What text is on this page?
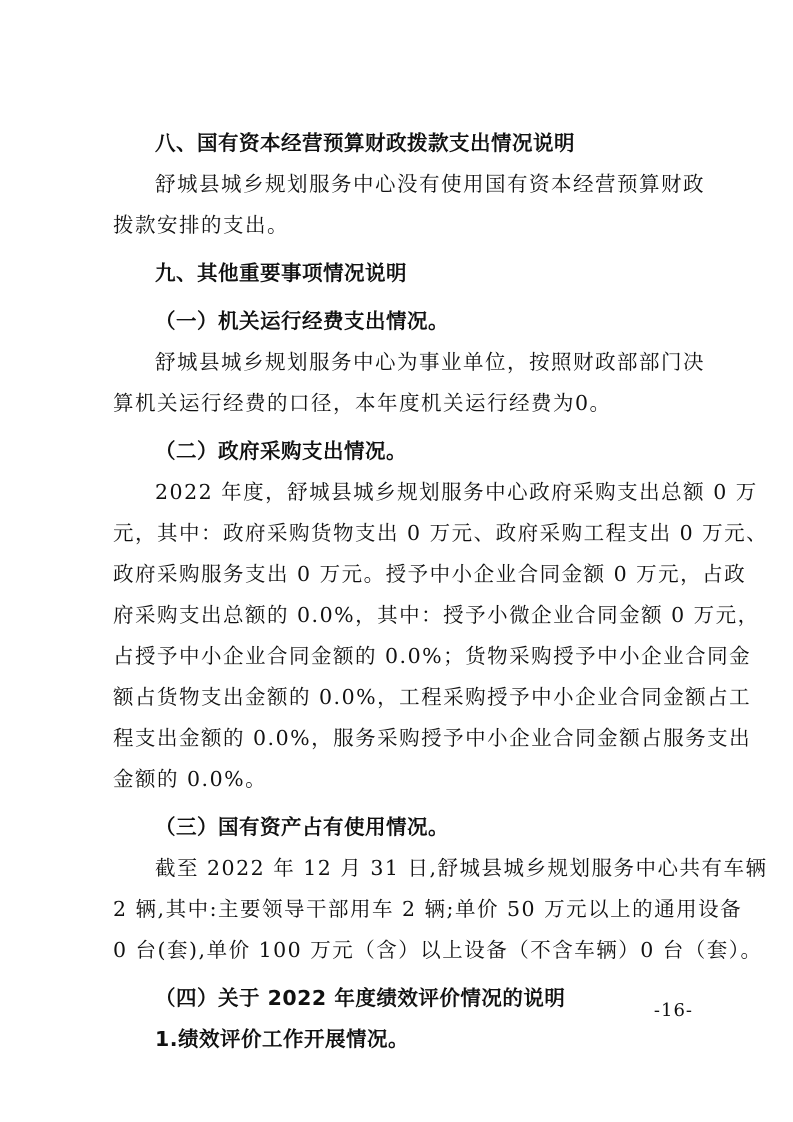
八、国有资本经营预算财政拨款支出情况说明
舒城县城乡规划服务中心没有使用国有资本经营预算财政
拨款安排的支出。
九、其他重要事项情况说明
（一）机关运行经费支出情况。
舒城县城乡规划服务中心为事业单位，按照财政部部门决
算机关运行经费的口径，本年度机关运行经费为0。
（二）政府采购支出情况。
2022 年度，舒城县城乡规划服务中心政府采购支出总额 0 万
元，其中：政府采购货物支出 0 万元、政府采购工程支出 0 万元、
政府采购服务支出 0 万元。授予中小企业合同金额 0 万元，占政
府采购支出总额的 0.0%，其中：授予小微企业合同金额 0 万元，
占授予中小企业合同金额的 0.0%；货物采购授予中小企业合同金
额占货物支出金额的 0.0%，工程采购授予中小企业合同金额占工
程支出金额的 0.0%，服务采购授予中小企业合同金额占服务支出
金额的 0.0%。
（三）国有资产占有使用情况。
截至 2022 年 12 月 31 日,舒城县城乡规划服务中心共有车辆
2 辆,其中:主要领导干部用车 2 辆;单价 50 万元以上的通用设备
0 台(套),单价 100 万元（含）以上设备（不含车辆）0 台（套）。
（四）关于 2022 年度绩效评价情况的说明
1.绩效评价工作开展情况。
-16-
